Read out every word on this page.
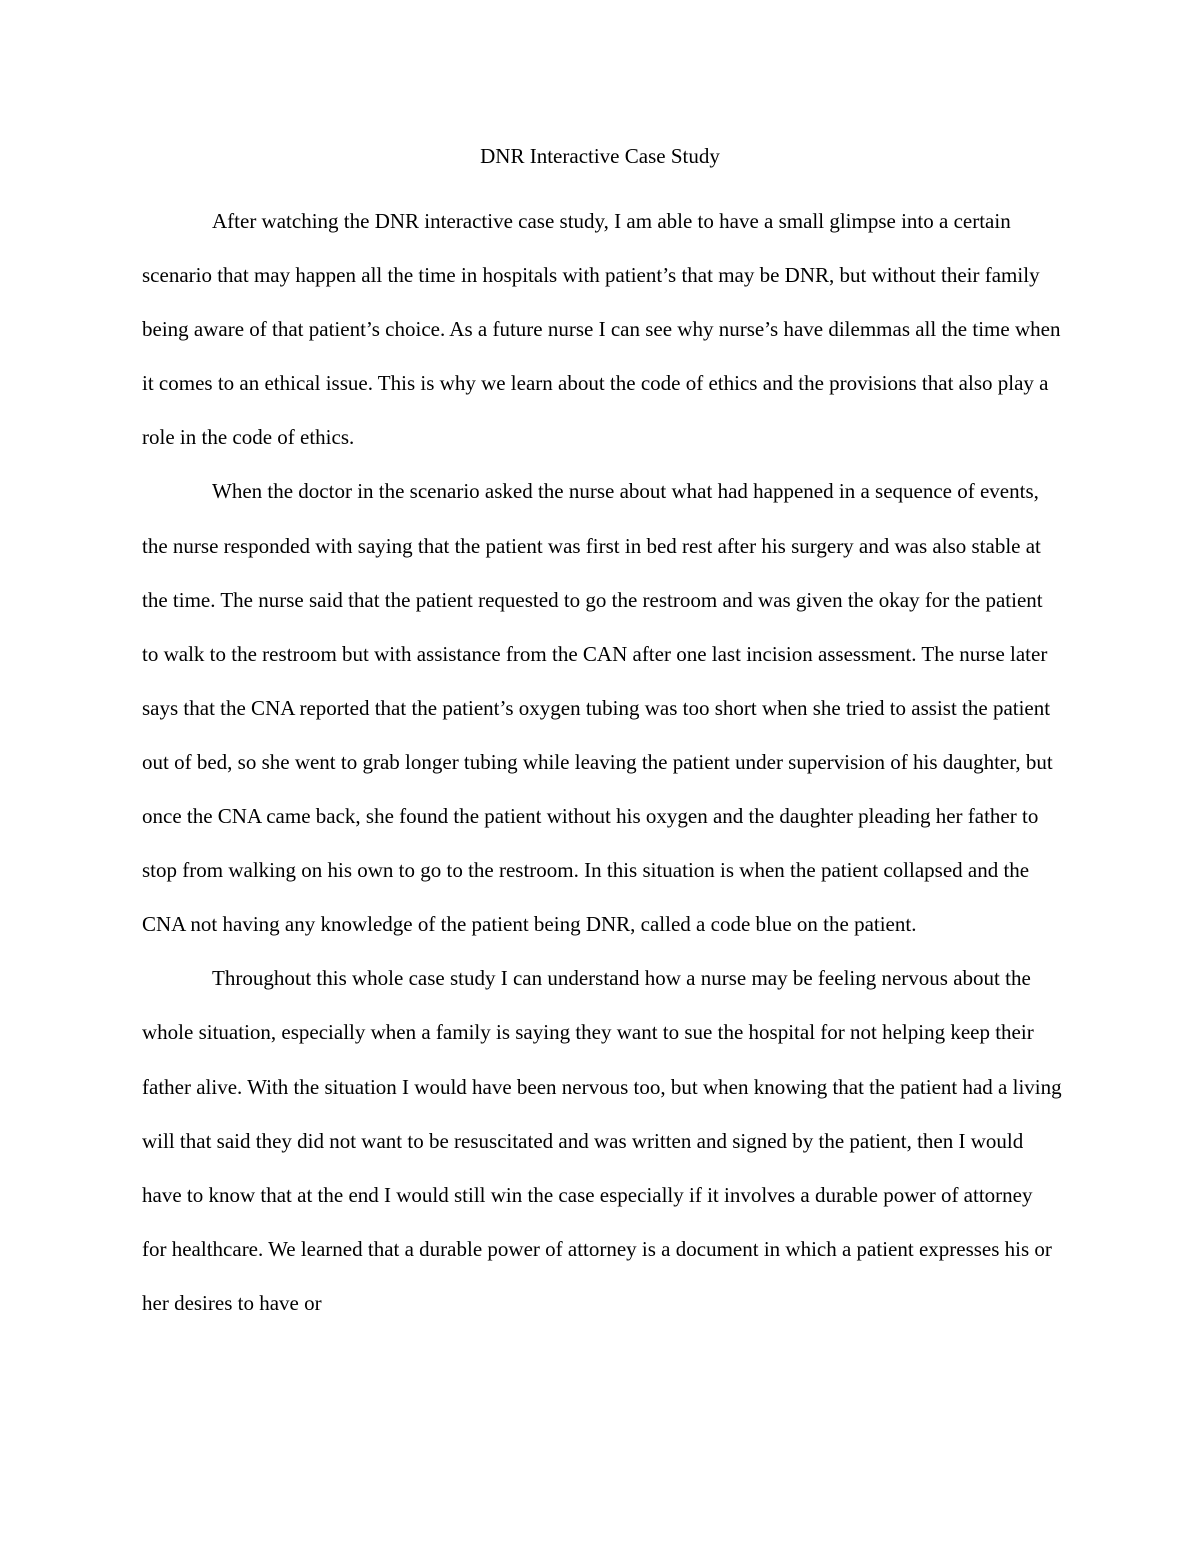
DNR Interactive Case Study

After watching the DNR interactive case study, I am able to have a small glimpse into a certain scenario that may happen all the time in hospitals with patient’s that may be DNR, but without their family being aware of that patient’s choice. As a future nurse I can see why nurse’s have dilemmas all the time when it comes to an ethical issue. This is why we learn about the code of ethics and the provisions that also play a role in the code of ethics.

When the doctor in the scenario asked the nurse about what had happened in a sequence of events, the nurse responded with saying that the patient was first in bed rest after his surgery and was also stable at the time. The nurse said that the patient requested to go the restroom and was given the okay for the patient to walk to the restroom but with assistance from the CAN after one last incision assessment. The nurse later says that the CNA reported that the patient’s oxygen tubing was too short when she tried to assist the patient out of bed, so she went to grab longer tubing while leaving the patient under supervision of his daughter, but once the CNA came back, she found the patient without his oxygen and the daughter pleading her father to stop from walking on his own to go to the restroom. In this situation is when the patient collapsed and the CNA not having any knowledge of the patient being DNR, called a code blue on the patient.

Throughout this whole case study I can understand how a nurse may be feeling nervous about the whole situation, especially when a family is saying they want to sue the hospital for not helping keep their father alive. With the situation I would have been nervous too, but when knowing that the patient had a living will that said they did not want to be resuscitated and was written and signed by the patient, then I would have to know that at the end I would still win the case especially if it involves a durable power of attorney for healthcare. We learned that a durable power of attorney is a document in which a patient expresses his or her desires to have or
